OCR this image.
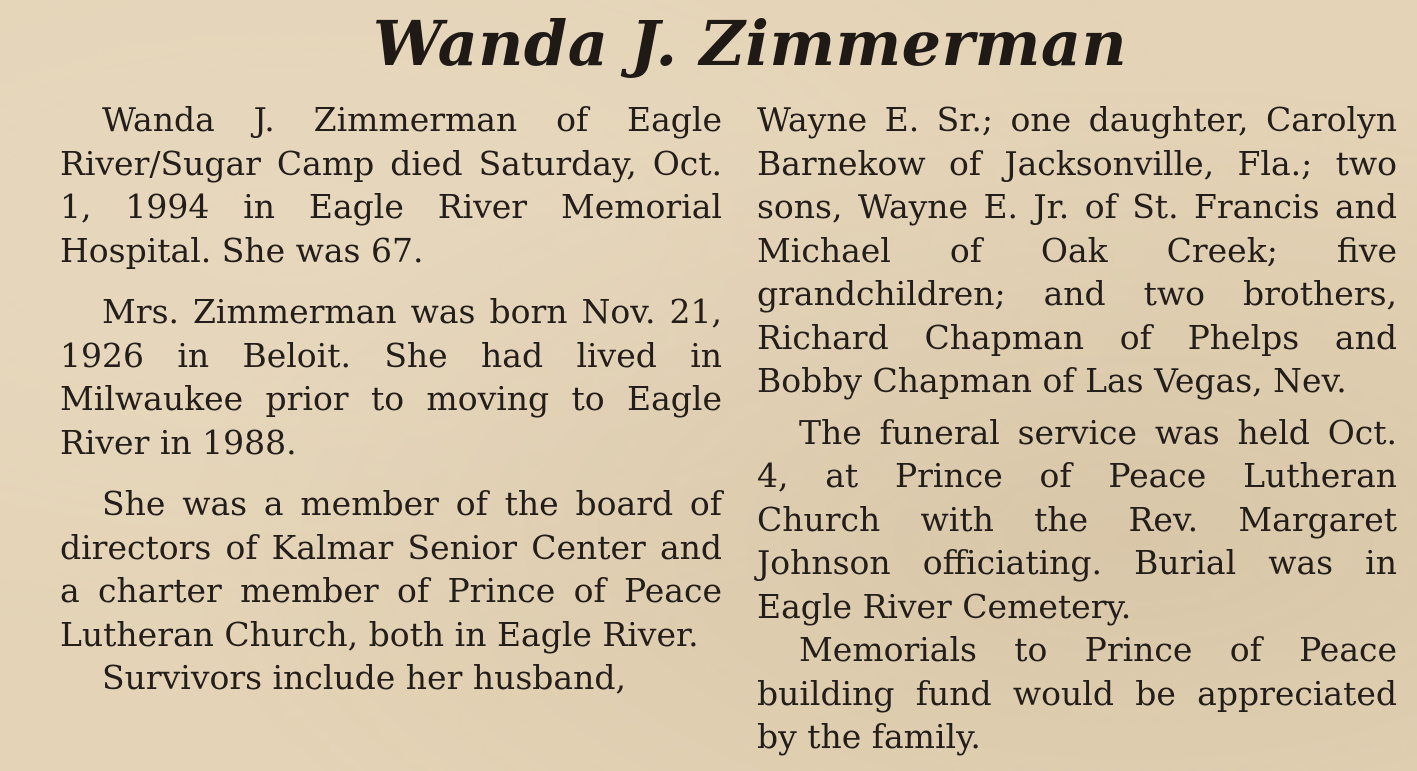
Wanda J. Zimmerman

Wanda J. Zimmerman of Eagle River/Sugar Camp died Saturday, Oct. 1, 1994 in Eagle River Memorial Hospital. She was 67.

Mrs. Zimmerman was born Nov. 21, 1926 in Beloit. She had lived in Milwaukee prior to moving to Eagle River in 1988.

She was a member of the board of directors of Kalmar Senior Center and a charter member of Prince of Peace Lutheran Church, both in Eagle River.

Survivors include her husband,

Wayne E. Sr.; one daughter, Carolyn Barnekow of Jacksonville, Fla.; two sons, Wayne E. Jr. of St. Francis and Michael of Oak Creek; five grandchildren; and two brothers, Richard Chapman of Phelps and Bobby Chapman of Las Vegas, Nev.

The funeral service was held Oct. 4, at Prince of Peace Lutheran Church with the Rev. Margaret Johnson officiating. Burial was in Eagle River Cemetery.

Memorials to Prince of Peace building fund would be appreciated by the family.
